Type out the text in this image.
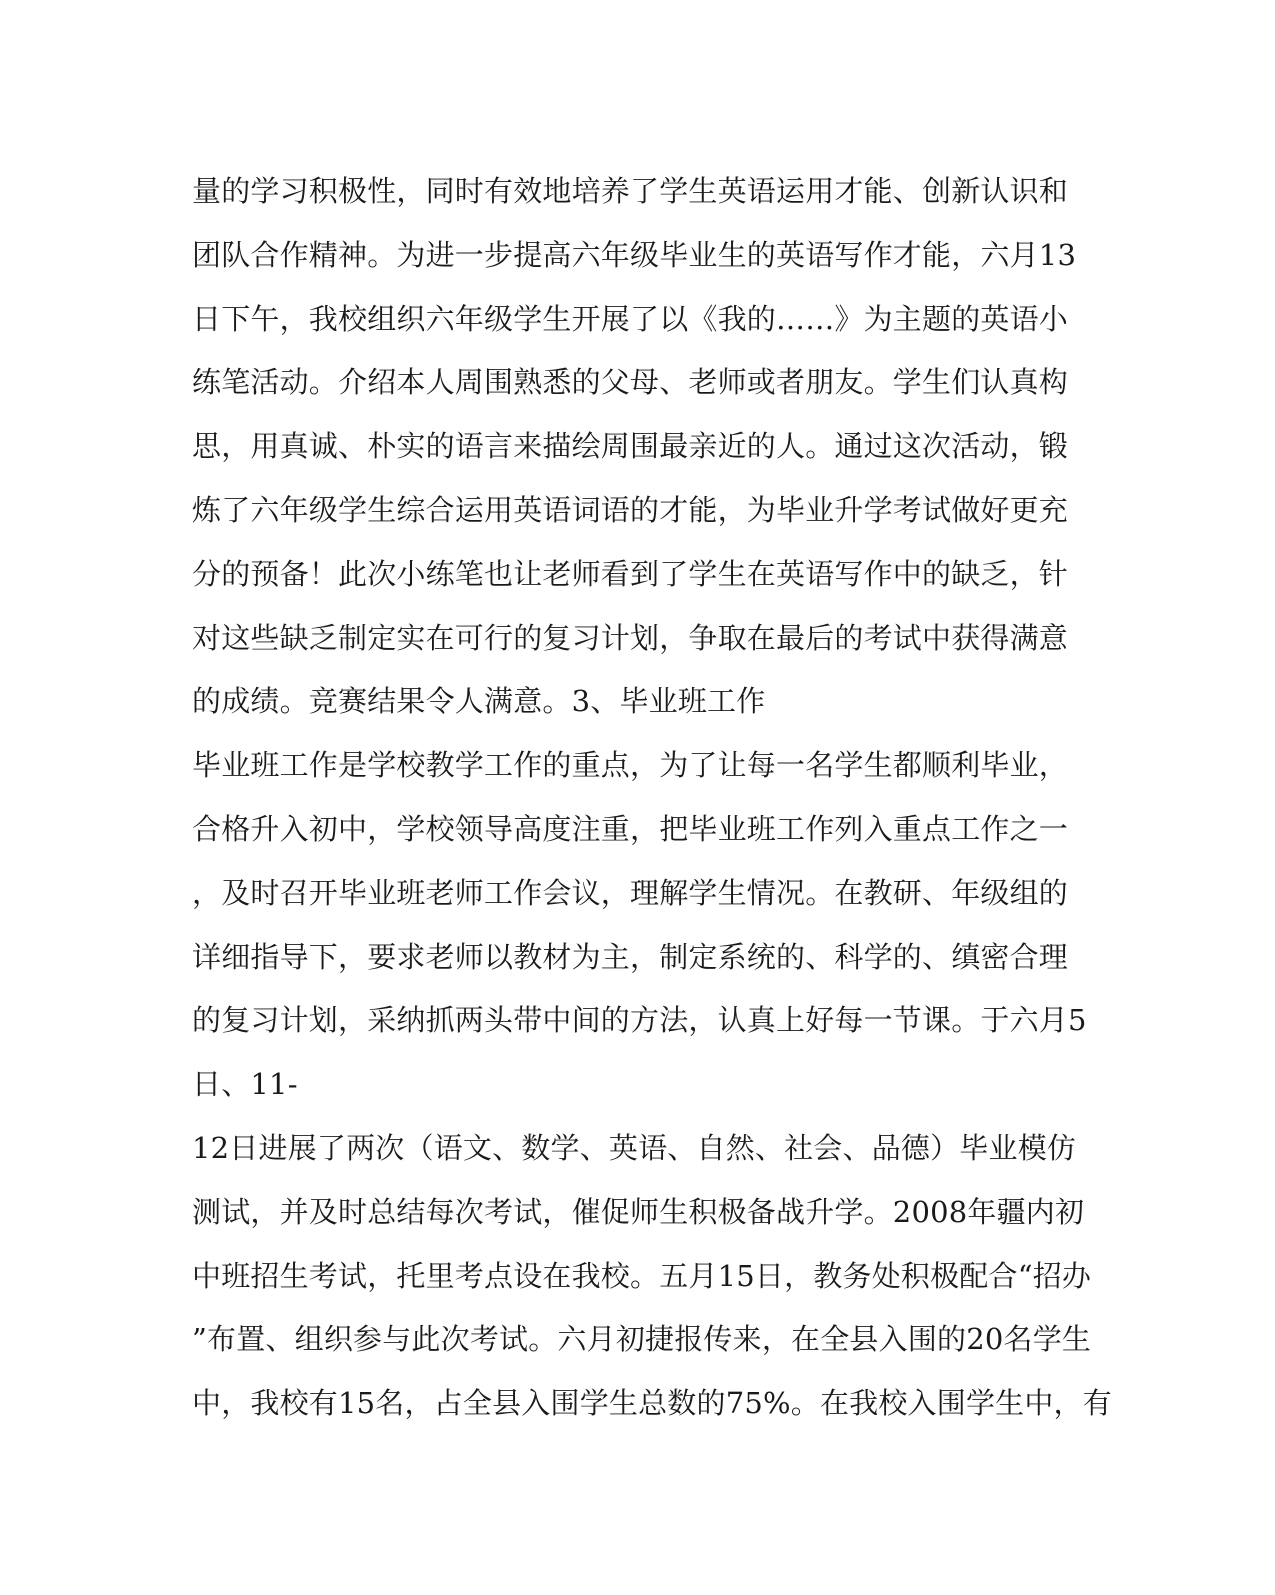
量的学习积极性，同时有效地培养了学生英语运用才能、创新认识和
团队合作精神。为进一步提高六年级毕业生的英语写作才能，六月13
日下午，我校组织六年级学生开展了以《我的……》为主题的英语小
练笔活动。介绍本人周围熟悉的父母、老师或者朋友。学生们认真构
思，用真诚、朴实的语言来描绘周围最亲近的人。通过这次活动，锻
炼了六年级学生综合运用英语词语的才能，为毕业升学考试做好更充
分的预备！此次小练笔也让老师看到了学生在英语写作中的缺乏，针
对这些缺乏制定实在可行的复习计划，争取在最后的考试中获得满意
的成绩。竞赛结果令人满意。3、毕业班工作
毕业班工作是学校教学工作的重点，为了让每一名学生都顺利毕业，
合格升入初中，学校领导高度注重，把毕业班工作列入重点工作之一
，及时召开毕业班老师工作会议，理解学生情况。在教研、年级组的
详细指导下，要求老师以教材为主，制定系统的、科学的、缜密合理
的复习计划，采纳抓两头带中间的方法，认真上好每一节课。于六月5
日、11-
12日进展了两次（语文、数学、英语、自然、社会、品德）毕业模仿
测试，并及时总结每次考试，催促师生积极备战升学。2008年疆内初
中班招生考试，托里考点设在我校。五月15日，教务处积极配合“招办
”布置、组织参与此次考试。六月初捷报传来，在全县入围的20名学生
中，我校有15名，占全县入围学生总数的75%。在我校入围学生中，有
